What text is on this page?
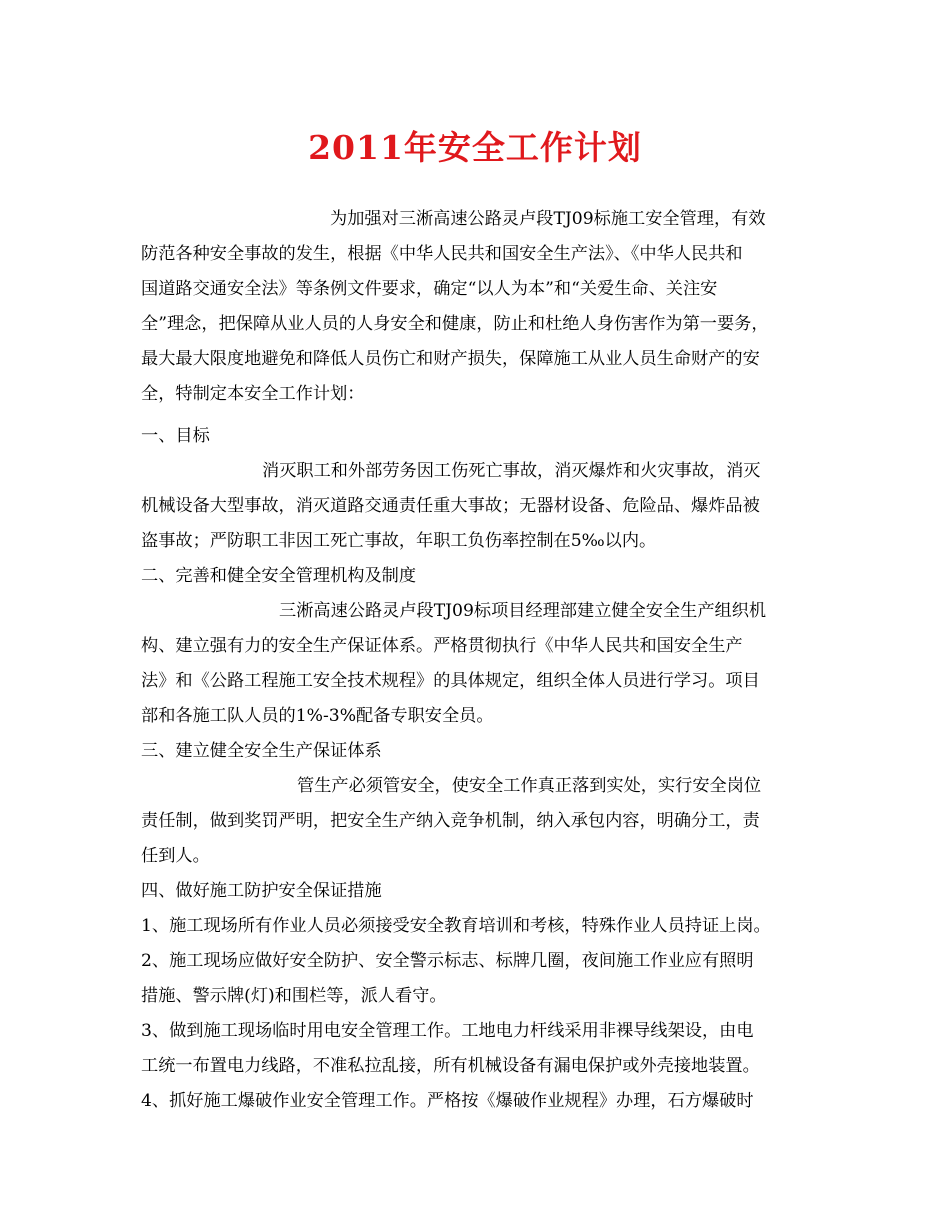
2011年安全工作计划
为加强对三淅高速公路灵卢段TJ09标施工安全管理，有效
防范各种安全事故的发生，根据《中华人民共和国安全生产法》、《中华人民共和
国道路交通安全法》等条例文件要求，确定“以人为本”和“关爱生命、关注安
全”理念，把保障从业人员的人身安全和健康，防止和杜绝人身伤害作为第一要务，
最大最大限度地避免和降低人员伤亡和财产损失，保障施工从业人员生命财产的安
全，特制定本安全工作计划：
一、目标
消灭职工和外部劳务因工伤死亡事故，消灭爆炸和火灾事故，消灭
机械设备大型事故，消灭道路交通责任重大事故；无器材设备、危险品、爆炸品被
盗事故；严防职工非因工死亡事故，年职工负伤率控制在5‰以内。
二、完善和健全安全管理机构及制度
三淅高速公路灵卢段TJ09标项目经理部建立健全安全生产组织机
构、建立强有力的安全生产保证体系。严格贯彻执行《中华人民共和国安全生产
法》和《公路工程施工安全技术规程》的具体规定，组织全体人员进行学习。项目
部和各施工队人员的1%-3%配备专职安全员。
三、建立健全安全生产保证体系
管生产必须管安全，使安全工作真正落到实处，实行安全岗位
责任制，做到奖罚严明，把安全生产纳入竞争机制，纳入承包内容，明确分工，责
任到人。
四、做好施工防护安全保证措施
1、施工现场所有作业人员必须接受安全教育培训和考核，特殊作业人员持证上岗。
2、施工现场应做好安全防护、安全警示标志、标牌几圈，夜间施工作业应有照明
措施、警示牌(灯)和围栏等，派人看守。
3、做到施工现场临时用电安全管理工作。工地电力杆线采用非裸导线架设，由电
工统一布置电力线路，不准私拉乱接，所有机械设备有漏电保护或外壳接地装置。
4、抓好施工爆破作业安全管理工作。严格按《爆破作业规程》办理，石方爆破时
